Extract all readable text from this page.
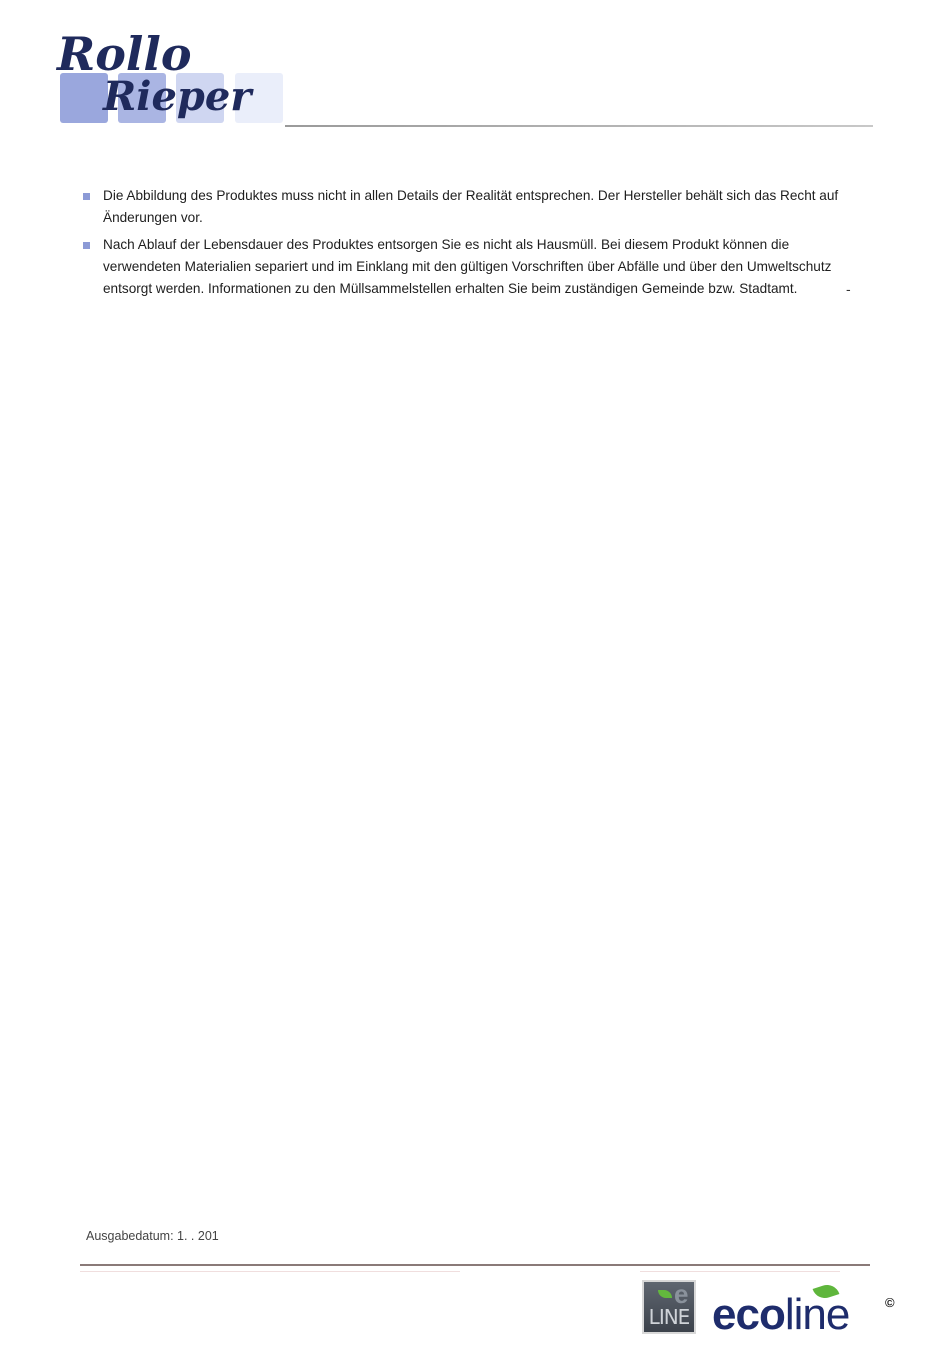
Rollo
Rieper
Die Abbildung des Produktes muss nicht in allen Details der Realität entsprechen. Der Hersteller behält sich das Recht auf Änderungen vor.
Nach Ablauf der Lebensdauer des Produktes entsorgen Sie es nicht als Hausmüll. Bei diesem Produkt können die verwendeten Materialien separiert und im Einklang mit den gültigen Vorschriften über Abfälle und über den Umweltschutz entsorgt werden. Informationen zu den Müllsammelstellen erhalten Sie beim zuständigen Gemeinde bzw. Stadtamt.	-
Ausgabedatum: 1. . 201
e
LINE ecoline	©
